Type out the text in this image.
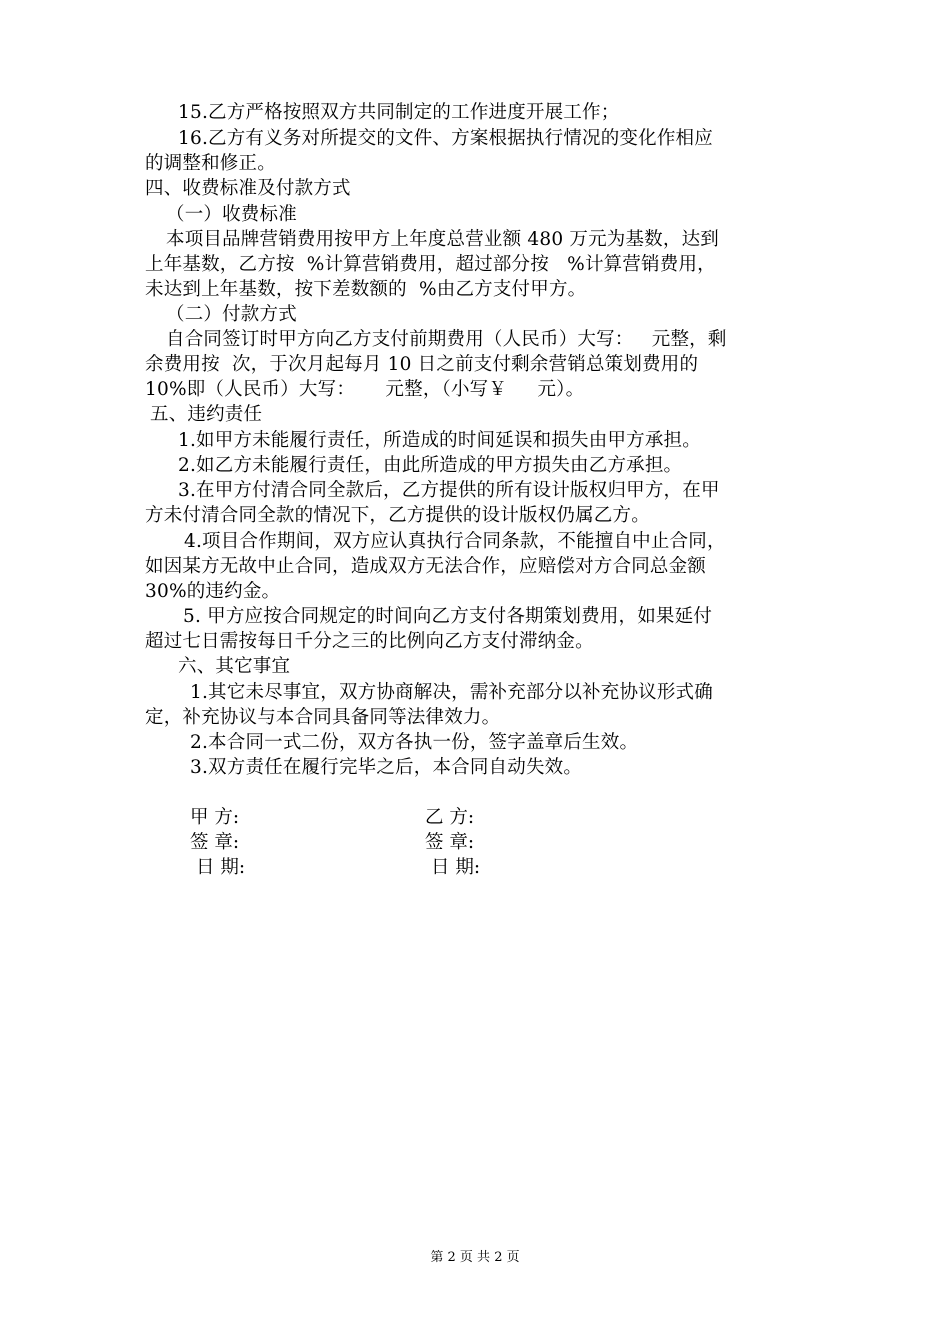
15.乙方严格按照双方共同制定的工作进度开展工作；
16.乙方有义务对所提交的文件、方案根据执行情况的变化作相应
的调整和修正。
四、收费标准及付款方式
（一）收费标准
本项目品牌营销费用按甲方上年度总营业额 480 万元为基数，达到
上年基数，乙方按  %计算营销费用，超过部分按   %计算营销费用，
未达到上年基数，按下差数额的  %由乙方支付甲方。
（二）付款方式
自合同签订时甲方向乙方支付前期费用（人民币）大写：   元整，剩
余费用按  次，于次月起每月 10 日之前支付剩余营销总策划费用的
10%即（人民币）大写：     元整，（小写￥     元）。
五、违约责任
1.如甲方未能履行责任，所造成的时间延误和损失由甲方承担。
2.如乙方未能履行责任，由此所造成的甲方损失由乙方承担。
3.在甲方付清合同全款后，乙方提供的所有设计版权归甲方，在甲
方未付清合同全款的情况下，乙方提供的设计版权仍属乙方。
4.项目合作期间，双方应认真执行合同条款，不能擅自中止合同，
如因某方无故中止合同，造成双方无法合作，应赔偿对方合同总金额
30%的违约金。
5. 甲方应按合同规定的时间向乙方支付各期策划费用，如果延付
超过七日需按每日千分之三的比例向乙方支付滞纳金。
六、其它事宜
1.其它未尽事宜，双方协商解决，需补充部分以补充协议形式确
定，补充协议与本合同具备同等法律效力。
2.本合同一式二份，双方各执一份，签字盖章后生效。
3.双方责任在履行完毕之后，本合同自动失效。
甲 方:	乙 方:
签 章:	签 章:
日 期:	日 期:
第 2 页 共 2 页
